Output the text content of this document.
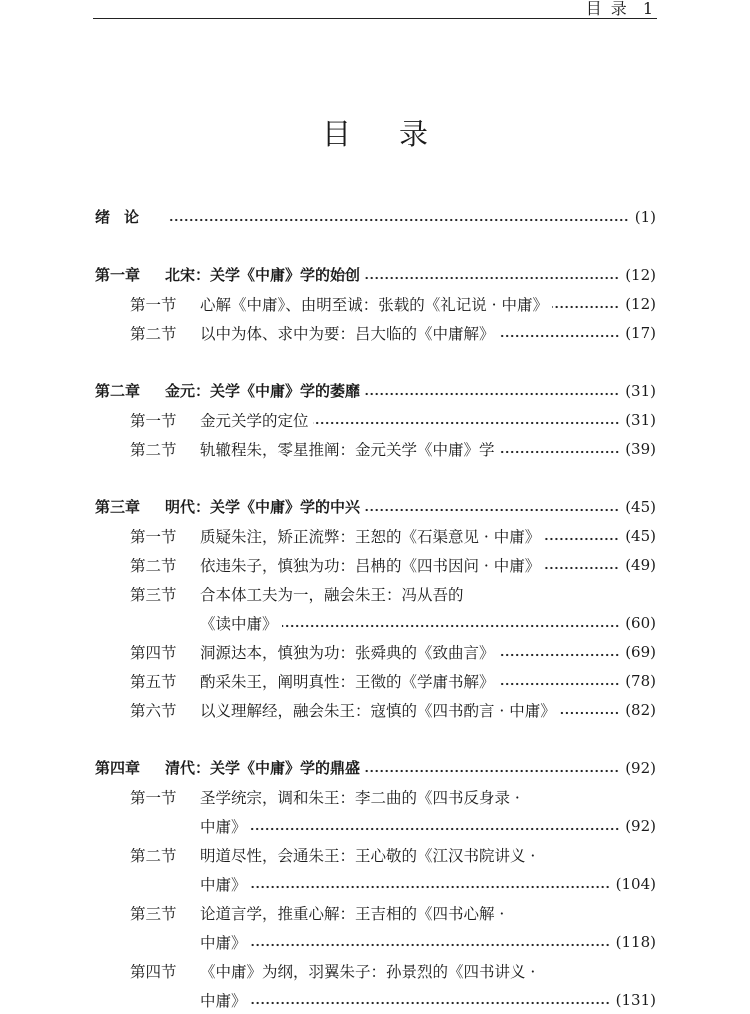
目 录 1
目 录
绪论	(1)
第一章	北宋：关学《中庸》学的始创	(12)
第一节	心解《中庸》、由明至诚：张载的《礼记说 · 中庸》	(12)
第二节	以中为体、求中为要：吕大临的《中庸解》	(17)
第二章	金元：关学《中庸》学的萎靡	(31)
第一节	金元关学的定位	(31)
第二节	轨辙程朱，零星推阐：金元关学《中庸》学	(39)
第三章	明代：关学《中庸》学的中兴	(45)
第一节	质疑朱注，矫正流弊：王恕的《石渠意见 · 中庸》	(45)
第二节	依违朱子，慎独为功：吕柟的《四书因问 · 中庸》	(49)
第三节	合本体工夫为一，融会朱王：冯从吾的
《读中庸》	(60)
第四节	洞源达本，慎独为功：张舜典的《致曲言》	(69)
第五节	酌采朱王，阐明真性：王徵的《学庸书解》	(78)
第六节	以义理解经，融会朱王：寇慎的《四书酌言 · 中庸》	(82)
第四章	清代：关学《中庸》学的鼎盛	(92)
第一节	圣学统宗，调和朱王：李二曲的《四书反身录 ·
中庸》	(92)
第二节	明道尽性，会通朱王：王心敬的《江汉书院讲义 ·
中庸》	(104)
第三节	论道言学，推重心解：王吉相的《四书心解 ·
中庸》	(118)
第四节	《中庸》为纲，羽翼朱子：孙景烈的《四书讲义 ·
中庸》	(131)
